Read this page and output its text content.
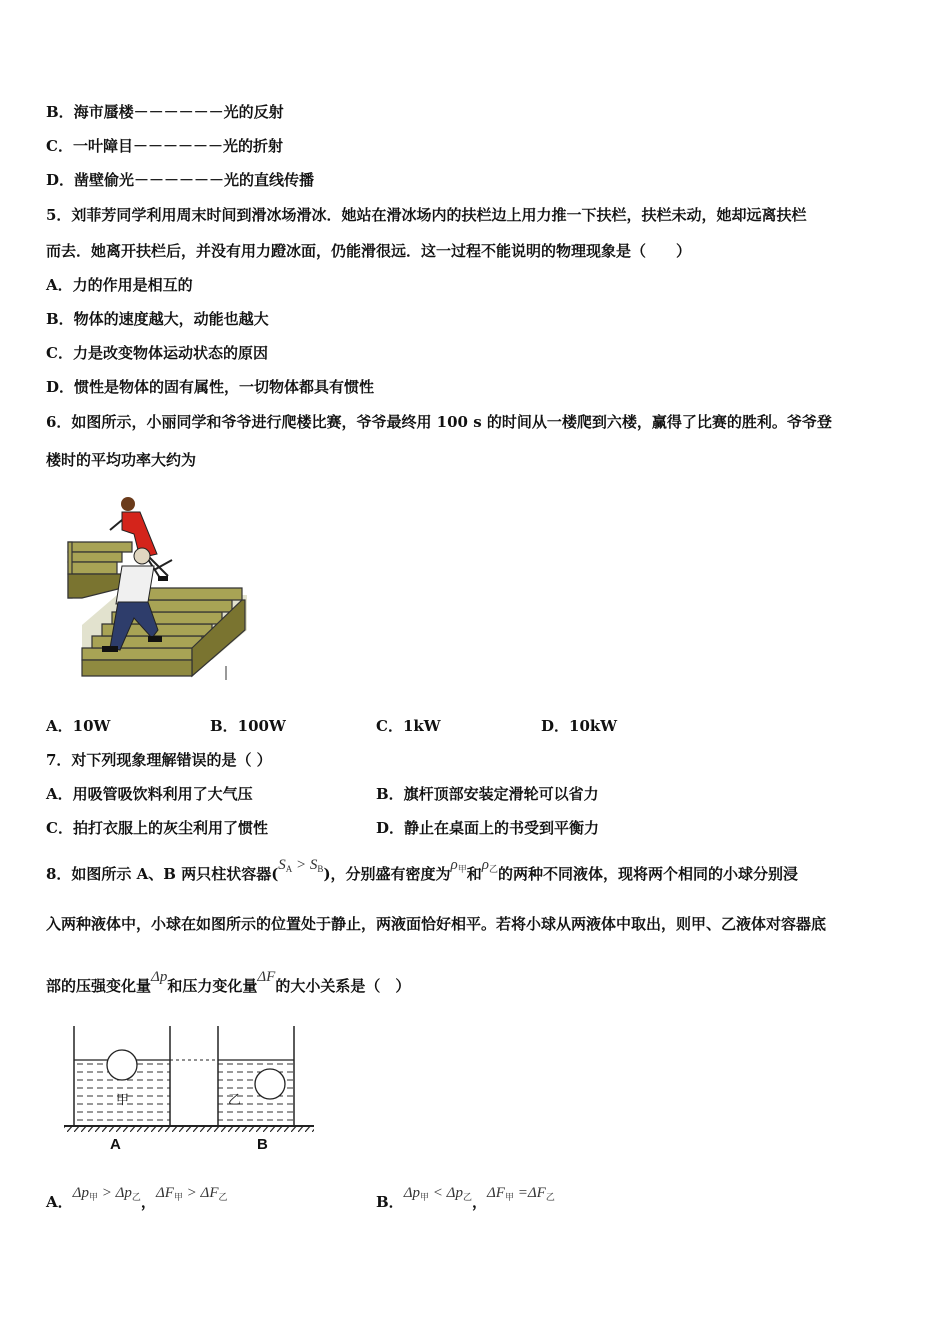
B．海市蜃楼－－－－－－光的反射
C．一叶障目－－－－－－光的折射
D．凿壁偷光－－－－－－光的直线传播
5．刘菲芳同学利用周末时间到滑冰场滑冰．她站在滑冰场内的扶栏边上用力推一下扶栏，扶栏未动，她却远离扶栏
而去．她离开扶栏后，并没有用力蹬冰面，仍能滑很远．这一过程不能说明的物理现象是（　　）
A．力的作用是相互的
B．物体的速度越大，动能也越大
C．力是改变物体运动状态的原因
D．惯性是物体的固有属性，一切物体都具有惯性
6．如图所示，小丽同学和爷爷进行爬楼比赛，爷爷最终用 100 s 的时间从一楼爬到六楼，赢得了比赛的胜利。爷爷登
楼时的平均功率大约为
A．10W	B．100W	C．1kW	D．10kW
7．对下列现象理解错误的是（ ）
A．用吸管吸饮料利用了大气压	B．旗杆顶部安装定滑轮可以省力
C．拍打衣服上的灰尘利用了惯性	D．静止在桌面上的书受到平衡力
8．如图所示 A、B 两只柱状容器$(S_A > S_B)$，分别盛有密度为$\rho_甲$和$\rho_乙$的两种不同液体，现将两个相同的小球分别浸
入两种液体中，小球在如图所示的位置处于静止，两液面恰好相平。若将小球从两液体中取出，则甲、乙液体对容器底
部的压强变化量Δp和压力变化量ΔF的大小关系是（　）
甲	乙
A	B
A．$\Delta p_甲 > \Delta p_乙$，$\Delta F_甲 > \Delta F_乙$	B．$\Delta p_甲 < \Delta p_乙$，$\Delta F_甲 =\Delta F_乙$
